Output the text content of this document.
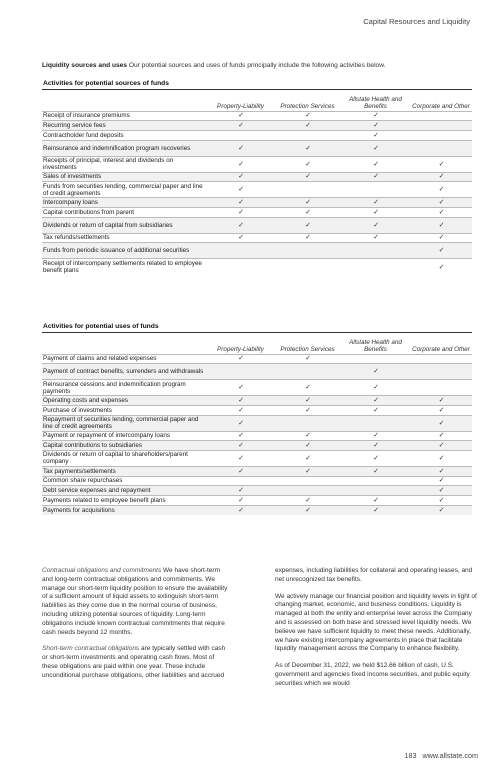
Capital Resources and Liquidity
Liquidity sources and uses Our potential sources and uses of funds principally include the following activities below.
Activities for potential sources of funds				
	Property-Liability	Protection Services	Allstate Health and Benefits	Corporate and Other
Receipt of insurance premiums	✓	✓	✓	
Recurring service fees	✓	✓	✓	
Contractholder fund deposits			✓	
Reinsurance and indemnification program recoveries	✓	✓	✓	
Receipts of principal, interest and dividends on investments	✓	✓	✓	✓
Sales of investments	✓	✓	✓	✓
Funds from securities lending, commercial paper and line of credit agreements	✓			✓
Intercompany loans	✓	✓	✓	✓
Capital contributions from parent	✓	✓	✓	✓
Dividends or return of capital from subsidiaries	✓	✓	✓	✓
Tax refunds/settlements	✓	✓	✓	✓
Funds from periodic issuance of additional securities				✓
Receipt of intercompany settlements related to employee benefit plans				✓
Activities for potential uses of funds				
	Property-Liability	Protection Services	Allstate Health and Benefits	Corporate and Other
Payment of claims and related expenses	✓	✓		
Payment of contract benefits, surrenders and withdrawals			✓	
Reinsurance cessions and indemnification program payments	✓	✓	✓	
Operating costs and expenses	✓	✓	✓	✓
Purchase of investments	✓	✓	✓	✓
Repayment of securities lending, commercial paper and line of credit agreements	✓			✓
Payment or repayment of intercompany loans	✓	✓	✓	✓
Capital contributions to subsidiaries	✓	✓	✓	✓
Dividends or return of capital to shareholders/parent company	✓	✓	✓	✓
Tax payments/settlements	✓	✓	✓	✓
Common share repurchases				✓
Debt service expenses and repayment	✓			✓
Payments related to employee benefit plans	✓	✓	✓	✓
Payments for acquisitions	✓	✓	✓	✓

Contractual obligations and commitments We have short-term and long-term contractual obligations and commitments. We manage our short-term liquidity position to ensure the availability of a sufficient amount of liquid assets to extinguish short-term liabilities as they come due in the normal course of business, including utilizing potential sources of liquidity. Long-term obligations include known contractual commitments that require cash needs beyond 12 months.

Short-term contractual obligations are typically settled with cash or short-term investments and operating cash flows. Most of these obligations are paid within one year. These include unconditional purchase obligations, other liabilities and accrued

expenses, including liabilities for collateral and operating leases, and net unrecognized tax benefits.

We actively manage our financial position and liquidity levels in light of changing market, economic, and business conditions. Liquidity is managed at both the entity and enterprise level across the Company and is assessed on both base and stressed level liquidity needs. We believe we have sufficient liquidity to meet these needs. Additionally, we have existing intercompany agreements in place that facilitate liquidity management across the Company to enhance flexibility.

As of December 31, 2022, we held $12.66 billion of cash, U.S. government and agencies fixed income securities, and public equity securities which we would

183 www.allstate.com
